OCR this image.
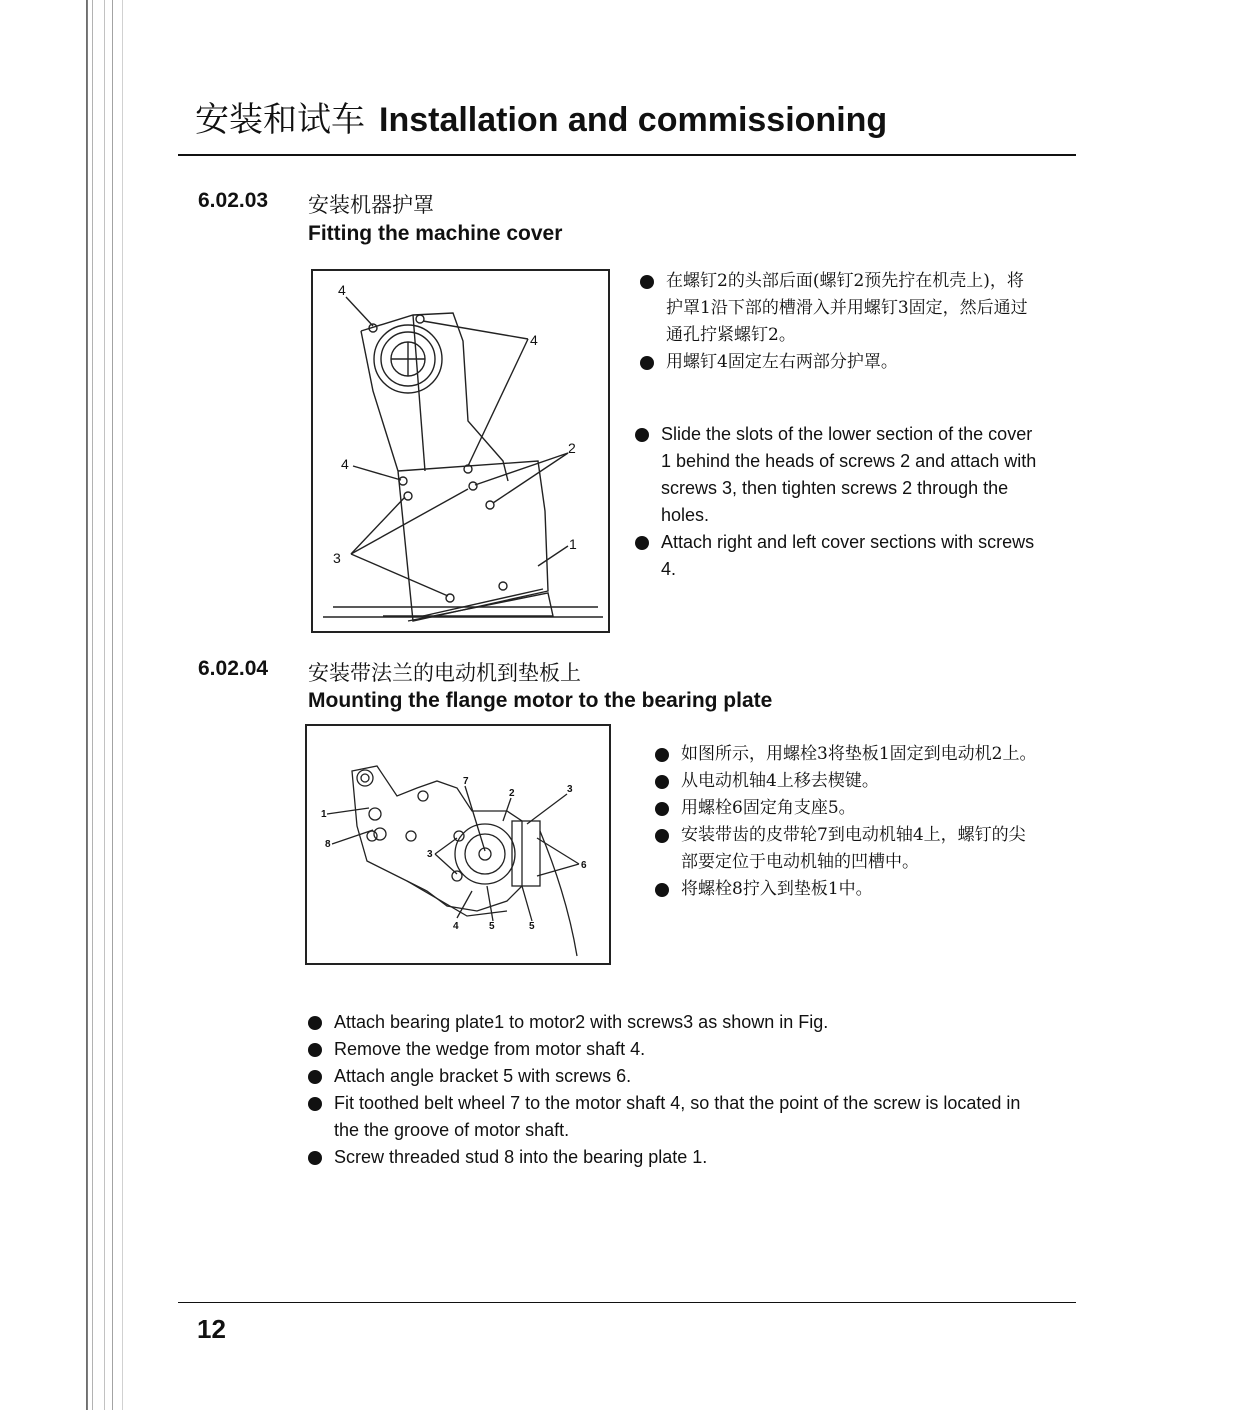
安装和试车 Installation and commissioning
6.02.03 安装机器护罩
Fitting the machine cover
4
4
4
2
3
1
在螺钉2的头部后面(螺钉2预先拧在机壳上)，将护罩1沿下部的槽滑入并用螺钉3固定，然后通过通孔拧紧螺钉2。
用螺钉4固定左右两部分护罩。
Slide the slots of the lower section of the cover 1 behind the heads of screws 2 and attach with screws 3, then tighten screws 2 through the holes.
Attach right and left cover sections with screws 4.
6.02.04 安装带法兰的电动机到垫板上
Mounting the flange motor to the bearing plate
1
8
7
2	3
3
6
4	5	5
如图所示，用螺栓3将垫板1固定到电动机2上。
从电动机轴4上移去楔键。
用螺栓6固定角支座5。
安装带齿的皮带轮7到电动机轴4上，螺钉的尖部要定位于电动机轴的凹槽中。
将螺栓8拧入到垫板1中。
Attach bearing plate1 to motor2 with screws3 as shown in Fig.
Remove the wedge from motor shaft 4.
Attach angle bracket 5 with screws 6.
Fit toothed belt wheel 7 to the motor shaft 4, so that the point of the screw is located in the the groove of motor shaft.
Screw threaded stud 8 into the bearing plate 1.
12
